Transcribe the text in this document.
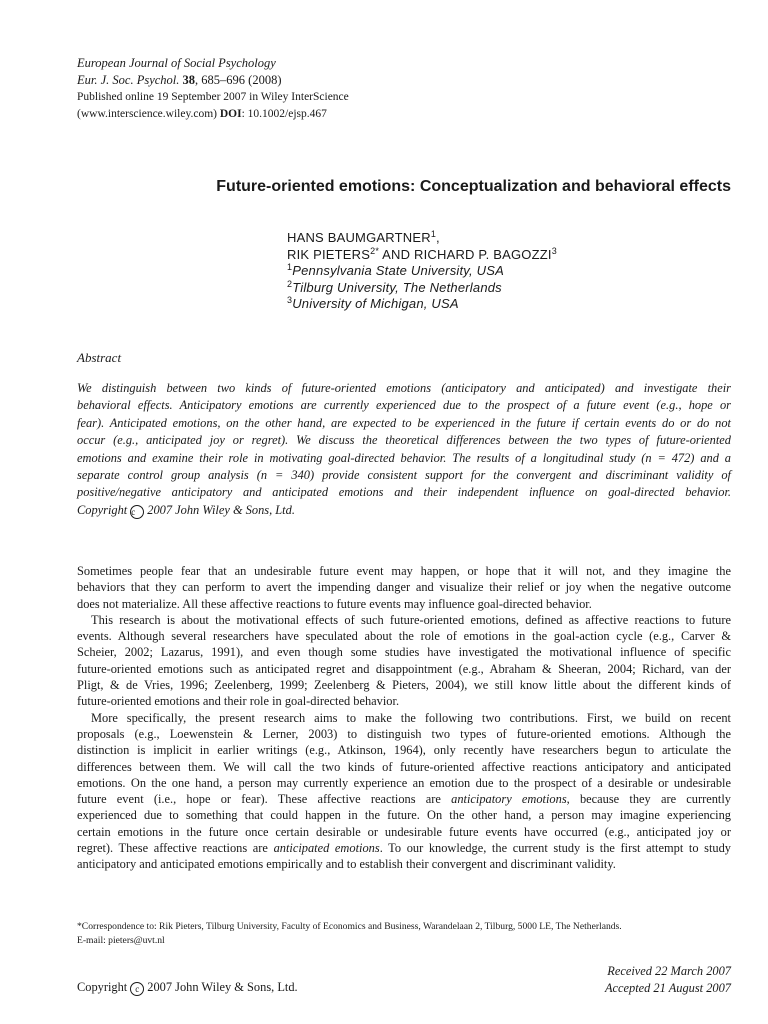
European Journal of Social Psychology
Eur. J. Soc. Psychol. 38, 685–696 (2008)
Published online 19 September 2007 in Wiley InterScience
(www.interscience.wiley.com) DOI: 10.1002/ejsp.467
Future-oriented emotions: Conceptualization and behavioral effects
HANS BAUMGARTNER$^1$,
RIK $PIETERS^{2*}$ AND RICHARD P. BAGOZZI$^3$
$^1$Pennsylvania State University, USA
$^2$Tilburg University, The Netherlands
$^3$University of Michigan, USA
Abstract
We distinguish between two kinds of future-oriented emotions (anticipatory and anticipated) and investigate their
behavioral effects. Anticipatory emotions are currently experienced due to the prospect of a future event (e.g., hope or
fear). Anticipated emotions, on the other hand, are expected to be experienced in the future if certain events do or do not
occur (e.g., anticipated joy or regret). We discuss the theoretical differences between the two types of future-oriented
emotions and examine their role in motivating goal-directed behavior. The results of a longitudinal study (n = 472) and a
separate control group analysis (n = 340) provide consistent support for the convergent and discriminant validity of
positive/negative anticipatory and anticipated emotions and their independent influence on goal-directed behavior.
Copyright c 2007 John Wiley & Sons, Ltd.
Sometimes people fear that an undesirable future event may happen, or hope that it will not, and they imagine the
behaviors that they can perform to avert the impending danger and visualize their relief or joy when the negative outcome
does not materialize. All these affective reactions to future events may influence goal-directed behavior.
This research is about the motivational effects of such future-oriented emotions, defined as affective reactions to future
events. Although several researchers have speculated about the role of emotions in the goal-action cycle (e.g., Carver &
Scheier, 2002; Lazarus, 1991), and even though some studies have investigated the motivational influence of specific
future-oriented emotions such as anticipated regret and disappointment (e.g., Abraham & Sheeran, 2004; Richard, van der
Pligt, & de Vries, 1996; Zeelenberg, 1999; Zeelenberg & Pieters, 2004), we still know little about the different kinds of
future-oriented emotions and their role in goal-directed behavior.
More specifically, the present research aims to make the following two contributions. First, we build on recent
proposals (e.g., Loewenstein & Lerner, 2003) to distinguish two types of future-oriented emotions. Although the
distinction is implicit in earlier writings (e.g., Atkinson, 1964), only recently have researchers begun to articulate the
differences between them. We will call the two kinds of future-oriented affective reactions anticipatory and anticipated
emotions. On the one hand, a person may currently experience an emotion due to the prospect of a desirable or undesirable
future event (i.e., hope or fear). These affective reactions are anticipatory emotions, because they are currently
experienced due to something that could happen in the future. On the other hand, a person may imagine experiencing
certain emotions in the future once certain desirable or undesirable future events have occurred (e.g., anticipated joy or
regret). These affective reactions are anticipated emotions. To our knowledge, the current study is the first attempt to study
anticipatory and anticipated emotions empirically and to establish their convergent and discriminant validity.
*Correspondence to: Rik Pieters, Tilburg University, Faculty of Economics and Business, Warandelaan 2, Tilburg, 5000 LE, The Netherlands.
E-mail: pieters@uvt.nl
Copyright c 2007 John Wiley & Sons, Ltd.
Received 22 March 2007
Accepted 21 August 2007
